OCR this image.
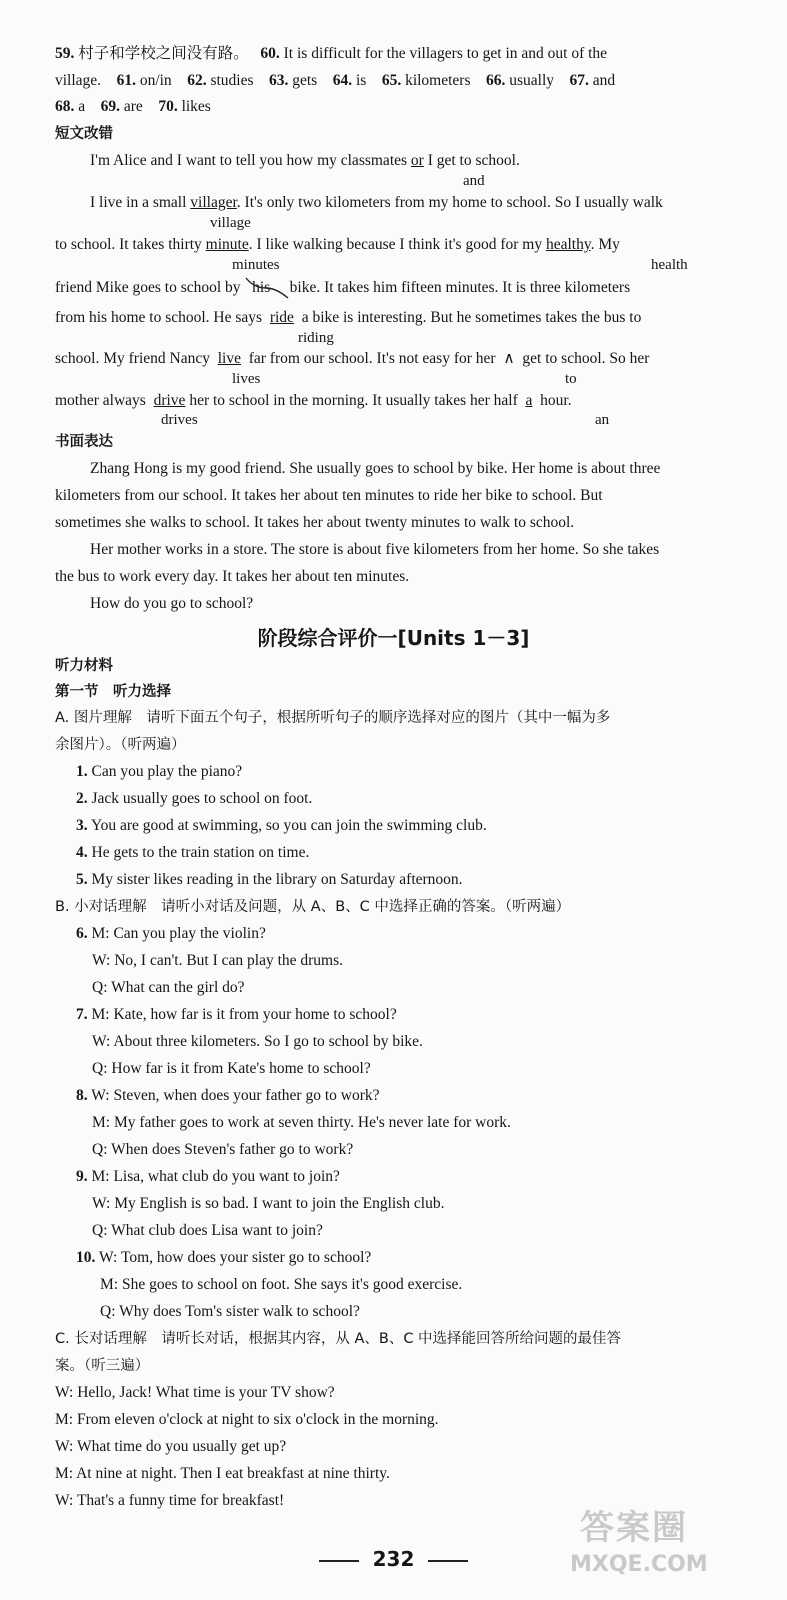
59. 村子和学校之间没有路。 60. It is difficult for the villagers to get in and out of the
village. 61. on/in 62. studies 63. gets 64. is 65. kilometers 66. usually 67. and
68. a 69. are 70. likes
短文改错
I'm Alice and I want to tell you how my classmates or I get to school.
and
I live in a small villager. It's only two kilometers from my home to school. So I usually walk
village
to school. It takes thirty minute. I like walking because I think it's good for my healthy. My
minutes	health
friend Mike goes to school by his bike. It takes him fifteen minutes. It is three kilometers
from his home to school. He says ride a bike is interesting. But he sometimes takes the bus to
riding
school. My friend Nancy live far from our school. It's not easy for her ∧ get to school. So her
lives	to
mother always drive her to school in the morning. It usually takes her half a hour.
drives	an
书面表达
Zhang Hong is my good friend. She usually goes to school by bike. Her home is about three
kilometers from our school. It takes her about ten minutes to ride her bike to school. But
sometimes she walks to school. It takes her about twenty minutes to walk to school.
Her mother works in a store. The store is about five kilometers from her home. So she takes
the bus to work every day. It takes her about ten minutes.
How do you go to school?
阶段综合评价一[Units 1－3]
听力材料
第一节　听力选择
A. 图片理解　请听下面五个句子，根据所听句子的顺序选择对应的图片（其中一幅为多
余图片）。（听两遍）
1. Can you play the piano?
2. Jack usually goes to school on foot.
3. You are good at swimming, so you can join the swimming club.
4. He gets to the train station on time.
5. My sister likes reading in the library on Saturday afternoon.
B. 小对话理解　请听小对话及问题，从 A、B、C 中选择正确的答案。（听两遍）
6. M: Can you play the violin?
W: No, I can't. But I can play the drums.
Q: What can the girl do?
7. M: Kate, how far is it from your home to school?
W: About three kilometers. So I go to school by bike.
Q: How far is it from Kate's home to school?
8. W: Steven, when does your father go to work?
M: My father goes to work at seven thirty. He's never late for work.
Q: When does Steven's father go to work?
9. M: Lisa, what club do you want to join?
W: My English is so bad. I want to join the English club.
Q: What club does Lisa want to join?
10. W: Tom, how does your sister go to school?
M: She goes to school on foot. She says it's good exercise.
Q: Why does Tom's sister walk to school?
C. 长对话理解　请听长对话，根据其内容，从 A、B、C 中选择能回答所给问题的最佳答
案。（听三遍）
W: Hello, Jack! What time is your TV show?
M: From eleven o'clock at night to six o'clock in the morning.
W: What time do you usually get up?
M: At nine at night. Then I eat breakfast at nine thirty.
W: That's a funny time for breakfast!
232
答案圈
MXQE.COM
